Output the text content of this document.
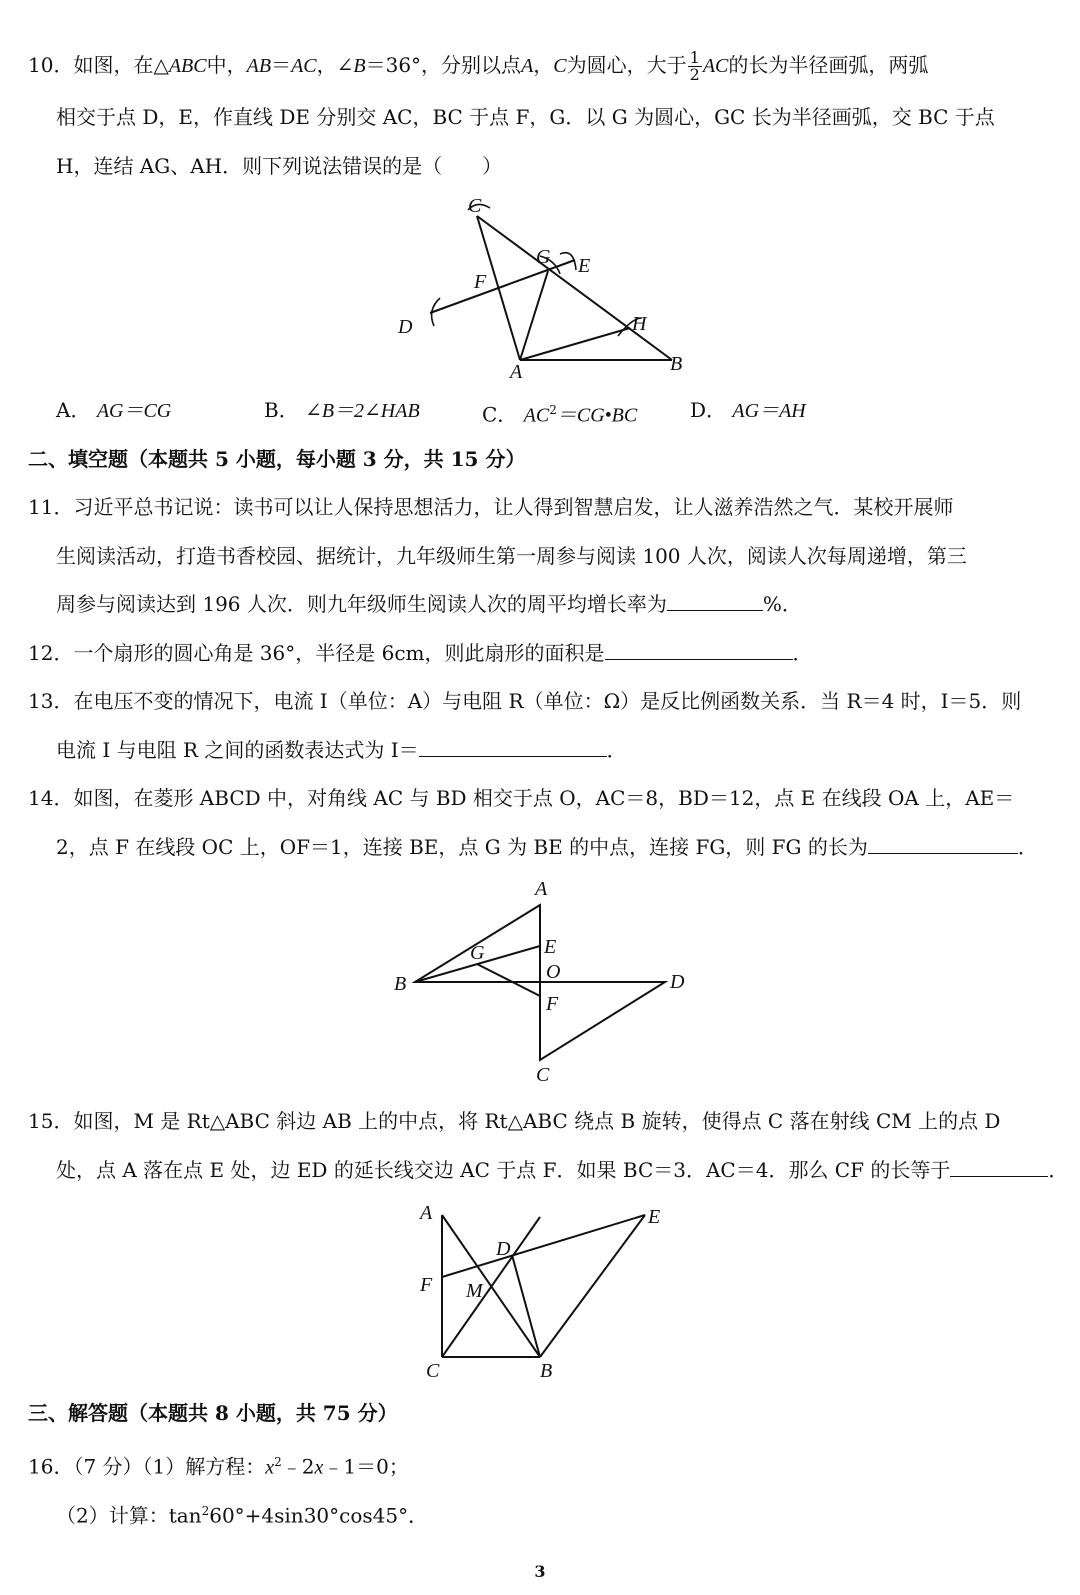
10．如图，在△ABC中，AB＝AC，∠B＝36°，分别以点A，C为圆心，大于 $\frac{1}{2}$ AC的长为半径画弧，两弧
相交于点 D，E，作直线 DE 分别交 AC，BC 于点 F，G．以 G 为圆心，GC 长为半径画弧，交 BC 于点
H，连结 AG、AH．则下列说法错误的是（　　）
C
G E
F
D	H
A	B
A． AG＝CG	B． ∠B＝2∠HAB	C． $AC^2=CG•BC$	D． AG＝AH
二、填空题（本题共 5 小题，每小题 3 分，共 15 分）
11．习近平总书记说：读书可以让人保持思想活力，让人得到智慧启发，让人滋养浩然之气．某校开展师
生阅读活动，打造书香校园、据统计，九年级师生第一周参与阅读 100 人次，阅读人次每周递增，第三
周参与阅读达到 196 人次．则九年级师生阅读人次的周平均增长率为	%．
12．一个扇形的圆心角是 36°，半径是 6cm，则此扇形的面积是	．
13．在电压不变的情况下，电流 I（单位：A）与电阻 R（单位：Ω）是反比例函数关系．当 R＝4 时，I＝5．则
电流 I 与电阻 R 之间的函数表达式为 I＝	．
14．如图，在菱形 ABCD 中，对角线 AC 与 BD 相交于点 O，AC＝8，BD＝12，点 E 在线段 OA 上，AE＝
2，点 F 在线段 OC 上，OF＝1，连接 BE，点 G 为 BE 的中点，连接 FG，则 FG 的长为	．
A
G	E
O
B	D
F
C
15．如图，M 是 Rt△ABC 斜边 AB 上的中点，将 Rt△ABC 绕点 B 旋转，使得点 C 落在射线 CM 上的点 D
处，点 A 落在点 E 处，边 ED 的延长线交边 AC 于点 F．如果 BC＝3．AC＝4．那么 CF 的长等于	．
A	E
D
F M
C	B
三、解答题（本题共 8 小题，共 75 分）
16．（7 分）（1）解方程：$x^2﹣2x﹣1=0$；
（2）计算：$\tan^260^\circ+4\sin 30^\circ\cos 45^\circ$．
3
